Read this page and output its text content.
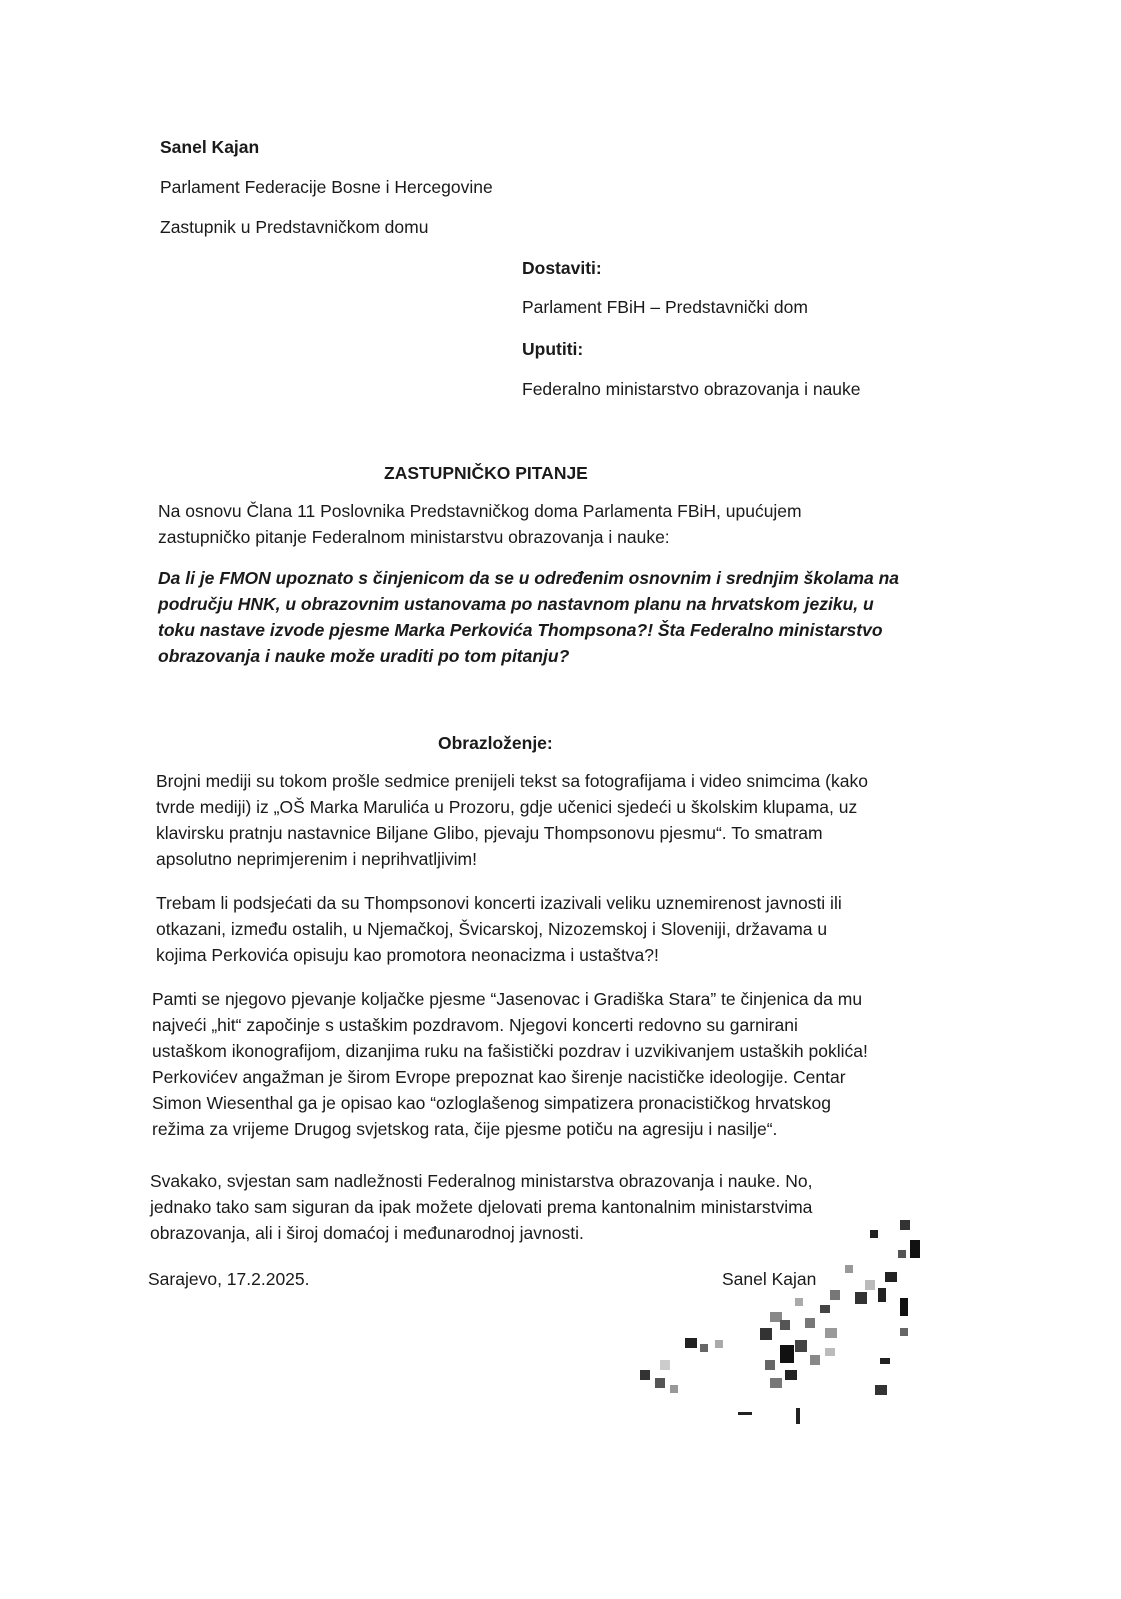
Sanel Kajan
Parlament Federacije Bosne i Hercegovine
Zastupnik u Predstavničkom domu
Dostaviti:
Parlament FBiH – Predstavnički dom
Uputiti:
Federalno ministarstvo obrazovanja i nauke
ZASTUPNIČKO PITANJE
Na osnovu Člana 11 Poslovnika Predstavničkog doma Parlamenta FBiH, upućujem
zastupničko pitanje Federalnom ministarstvu obrazovanja i nauke:
Da li je FMON upoznato s činjenicom da se u određenim osnovnim i srednjim školama na
području HNK, u obrazovnim ustanovama po nastavnom planu na hrvatskom jeziku, u
toku nastave izvode pjesme Marka Perkovića Thompsona?! Šta Federalno ministarstvo
obrazovanja i nauke može uraditi po tom pitanju?
Obrazloženje:
Brojni mediji su tokom prošle sedmice prenijeli tekst sa fotografijama i video snimcima (kako
tvrde mediji) iz „OŠ Marka Marulića u Prozoru, gdje učenici sjedeći u školskim klupama, uz
klavirsku pratnju nastavnice Biljane Glibo, pjevaju Thompsonovu pjesmu“. To smatram
apsolutno neprimjerenim i neprihvatljivim!
Trebam li podsjećati da su Thompsonovi koncerti izazivali veliku uznemirenost javnosti ili
otkazani, između ostalih, u Njemačkoj, Švicarskoj, Nizozemskoj i Sloveniji, državama u
kojima Perkovića opisuju kao promotora neonacizma i ustaštva?!
Pamti se njegovo pjevanje koljačke pjesme “Jasenovac i Gradiška Stara” te činjenica da mu
najveći „hit“ započinje s ustaškim pozdravom. Njegovi koncerti redovno su garnirani
ustaškom ikonografijom, dizanjima ruku na fašistički pozdrav i uzvikivanjem ustaških poklića!
Perkovićev angažman je širom Evrope prepoznat kao širenje nacističke ideologije. Centar
Simon Wiesenthal ga je opisao kao “ozloglašenog simpatizera pronacističkog hrvatskog
režima za vrijeme Drugog svjetskog rata, čije pjesme potiču na agresiju i nasilje“.
Svakako, svjestan sam nadležnosti Federalnog ministarstva obrazovanja i nauke. No,
jednako tako sam siguran da ipak možete djelovati prema kantonalnim ministarstvima
obrazovanja, ali i široj domaćoj i međunarodnoj javnosti.
Sarajevo, 17.2.2025.	Sanel Kajan
